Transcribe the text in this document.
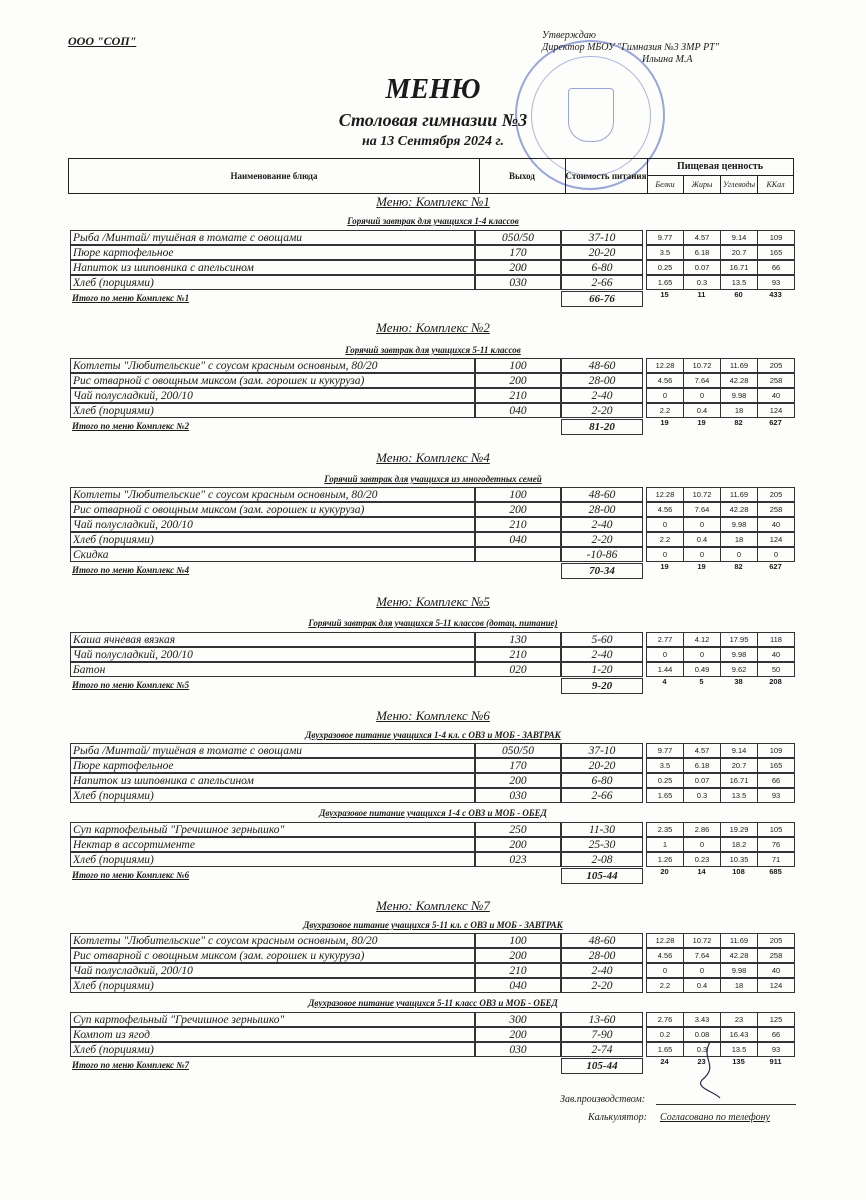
ООО "СОП"	Утверждаю
Директор МБОУ "Гимназия №3 ЗМР РТ"
Ильина М.А
МЕНЮ
Столовая гимназии №3
на 13 Сентября 2024 г.
Наименование блюда	Выход	Стоимость питания
Пищевая ценность
Белки	Жиры	Углеводы	ККал
Меню: Комплекс №1
Горячий завтрак для учащихся 1-4 классов
Рыба /Минтай/ тушёная в томате с овощами	050/50	37-10	9.77	4.57	9.14	109
Пюре картофельное	170	20-20	3.5	6.18	20.7	165
Напиток из шиповника с апельсином	200	6-80	0.25	0.07	16.71	66
Хлеб (порциями)	030	2-66	1.65	0.3	13.5	93
Итого по меню Комплекс №1	66-76	15	11	60	433
Меню: Комплекс №2
Горячий завтрак для учащихся 5-11 классов
Котлеты "Любительские" с соусом красным основным, 80/20	100	48-60	12.28	10.72	11.69	205
Рис отварной с овощным миксом (зам. горошек и кукуруза)	200	28-00	4.56	7.64	42.28	258
Чай полусладкий, 200/10	210	2-40	0	0	9.98	40
Хлеб (порциями)	040	2-20	2.2	0.4	18	124
Итого по меню Комплекс №2	81-20	19	19	82	627
Меню: Комплекс №4
Горячий завтрак для учащихся из многодетных семей
Котлеты "Любительские" с соусом красным основным, 80/20	100	48-60	12.28	10.72	11.69	205
Рис отварной с овощным миксом (зам. горошек и кукуруза)	200	28-00	4.56	7.64	42.28	258
Чай полусладкий, 200/10	210	2-40	0	0	9.98	40
Хлеб (порциями)	040	2-20	2.2	0.4	18	124
Скидка	-10-86	0	0	0	0
Итого по меню Комплекс №4	70-34	19	19	82	627
Меню: Комплекс №5
Горячий завтрак для учащихся 5-11 классов (дотац. питание)
Каша ячневая вязкая	130	5-60	2.77	4.12	17.95	118
Чай полусладкий, 200/10	210	2-40	0	0	9.98	40
Батон	020	1-20	1.44	0.49	9.62	50
Итого по меню Комплекс №5	9-20	4	5	38	208
Меню: Комплекс №6
Двухразовое питание учащихся 1-4 кл. с ОВЗ и МОБ - ЗАВТРАК
Рыба /Минтай/ тушёная в томате с овощами	050/50	37-10	9.77	4.57	9.14	109
Пюре картофельное	170	20-20	3.5	6.18	20.7	165
Напиток из шиповника с апельсином	200	6-80	0.25	0.07	16.71	66
Хлеб (порциями)	030	2-66	1.65	0.3	13.5	93
Двухразовое питание учащихся 1-4 с ОВЗ и МОБ - ОБЕД
Суп картофельный "Гречишное зернышко"	250	11-30	2.35	2.86	19.29	105
Нектар в ассортименте	200	25-30	1	0	18.2	76
Хлеб (порциями)	023	2-08	1.26	0.23	10.35	71
Итого по меню Комплекс №6	105-44	20	14	108	685
Меню: Комплекс №7
Двухразовое питание учащихся 5-11 кл. с ОВЗ и МОБ - ЗАВТРАК
Котлеты "Любительские" с соусом красным основным, 80/20	100	48-60	12.28	10.72	11.69	205
Рис отварной с овощным миксом (зам. горошек и кукуруза)	200	28-00	4.56	7.64	42.28	258
Чай полусладкий, 200/10	210	2-40	0	0	9.98	40
Хлеб (порциями)	040	2-20	2.2	0.4	18	124
Двухразовое питание учащихся 5-11 класс ОВЗ и МОБ - ОБЕД
Суп картофельный "Гречишное зернышко"	300	13-60	2.76	3.43	23	125
Компот из ягод	200	7-90	0.2	0.08	16.43	66
Хлеб (порциями)	030	2-74	1.65	0.3	13.5	93
Итого по меню Комплекс №7	105-44	24	23	135	911
Зав.производством:
Калькулятор: Согласовано по телефону
